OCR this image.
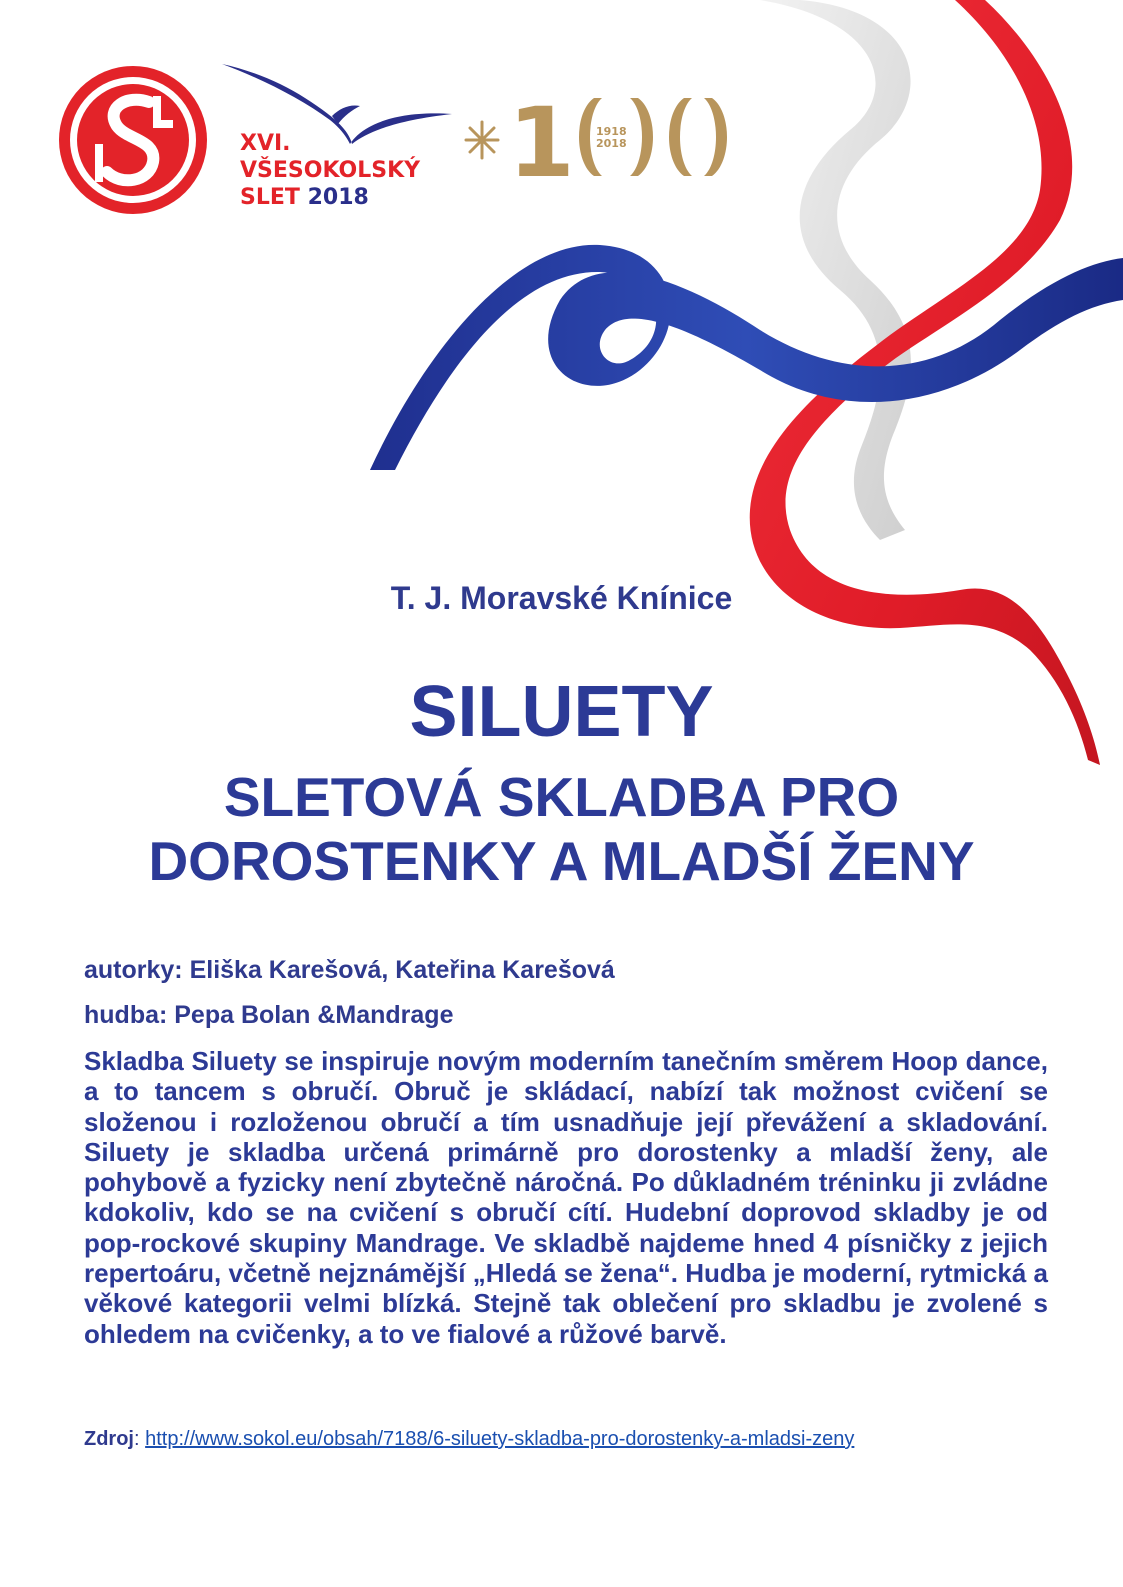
SOKOL
XVI.
VŠESOKOLSKÝ
SLET 2018	1 1918
2018
T. J. Moravské Knínice
SILUETY
SLETOVÁ SKLADBA PRO
DOROSTENKY A MLADŠÍ ŽENY
autorky: Eliška Karešová, Kateřina Karešová
hudba: Pepa Bolan &Mandrage

Skladba Siluety se inspiruje novým moderním tanečním směrem Hoop dance, a to tancem s obručí. Obruč je skládací, nabízí tak možnost cvičení se složenou i rozloženou obručí a tím usnadňuje její převážení a skladování. Siluety je skladba určená primárně pro dorostenky a mladší ženy, ale pohybově a fyzicky není zbytečně náročná. Po důkladném tréninku ji zvládne kdokoliv, kdo se na cvičení s obručí cítí. Hudební doprovod skladby je od pop-rockové skupiny Mandrage. Ve skladbě najdeme hned 4 písničky z jejich repertoáru, včetně nejznámější „Hledá se žena“. Hudba je moderní, rytmická a věkové kategorii velmi blízká. Stejně tak oblečení pro skladbu je zvolené s ohledem na cvičenky, a to ve fialové a růžové barvě.

Zdroj: http://www.sokol.eu/obsah/7188/6-siluety-skladba-pro-dorostenky-a-mladsi-zeny
